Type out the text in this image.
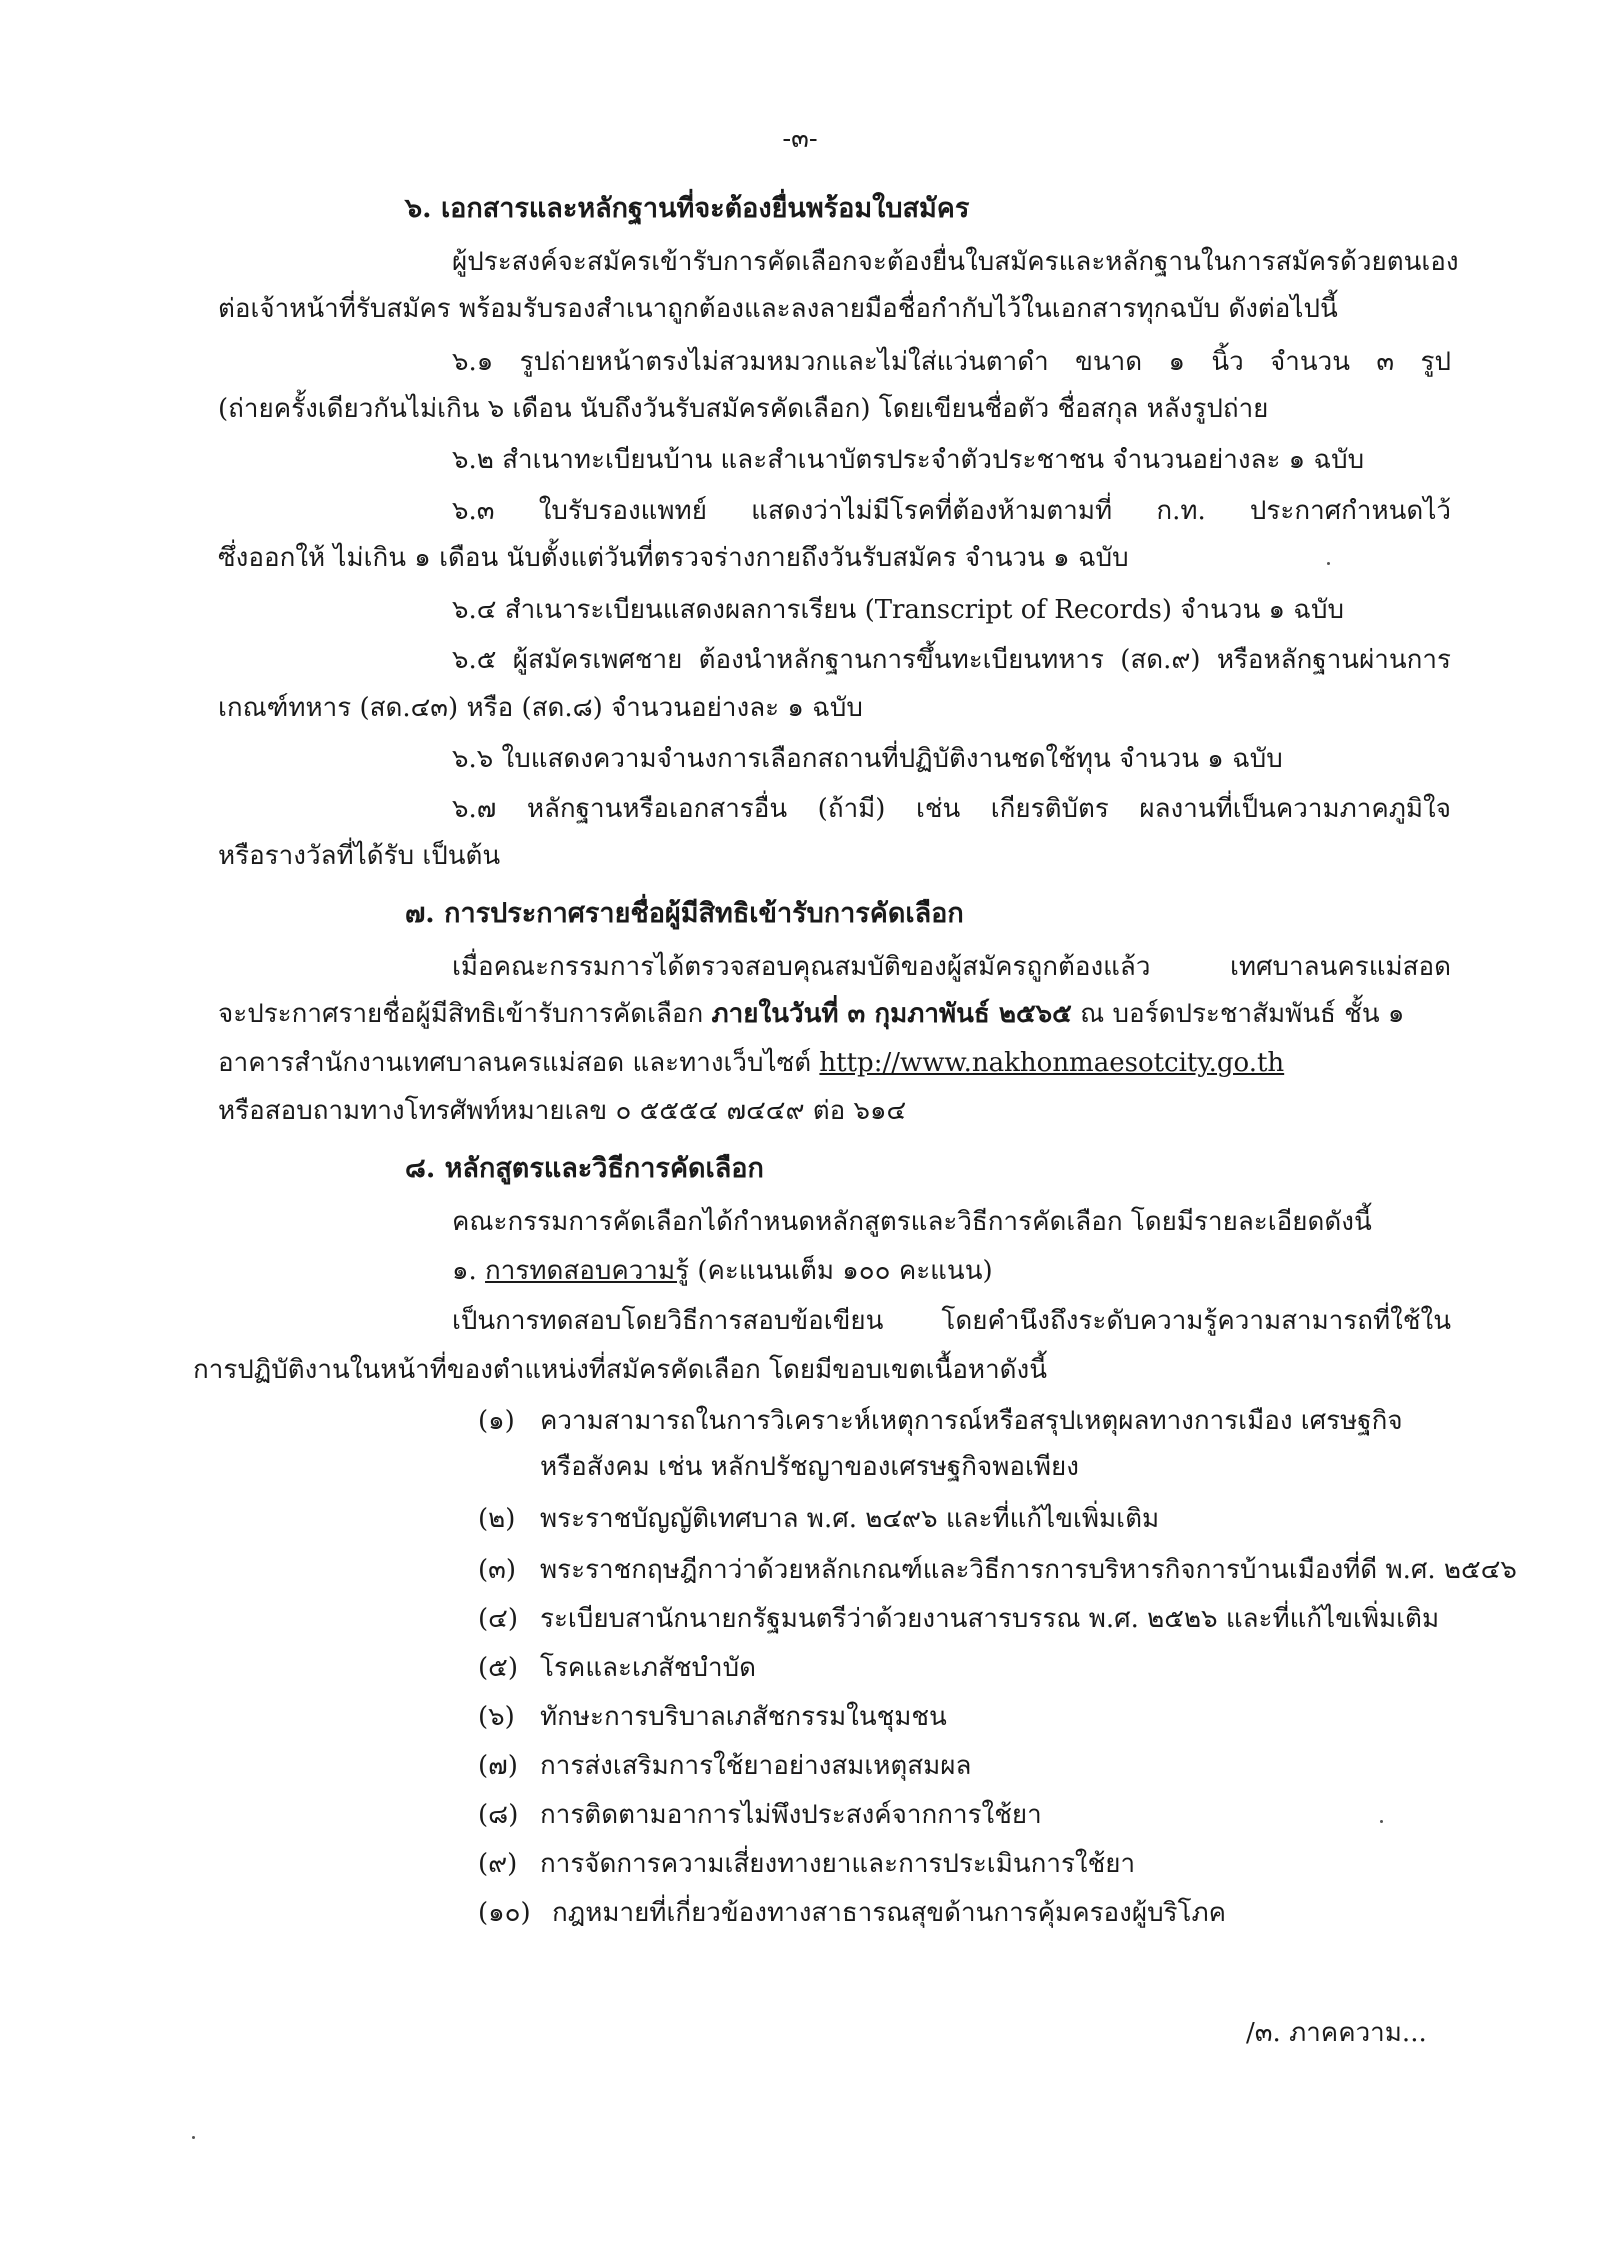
-๓-
๖. เอกสารและหลักฐานที่จะต้องยื่นพร้อมใบสมัคร
ผู้ประสงค์จะสมัครเข้ารับการคัดเลือกจะต้องยื่นใบสมัครและหลักฐานในการสมัครด้วยตนเอง
ต่อเจ้าหน้าที่รับสมัคร พร้อมรับรองสำเนาถูกต้องและลงลายมือชื่อกำกับไว้ในเอกสารทุกฉบับ ดังต่อไปนี้
๖.๑ รูปถ่ายหน้าตรงไม่สวมหมวกและไม่ใส่แว่นตาดำ ขนาด ๑ นิ้ว จำนวน ๓ รูป
(ถ่ายครั้งเดียวกันไม่เกิน ๖ เดือน นับถึงวันรับสมัครคัดเลือก) โดยเขียนชื่อตัว ชื่อสกุล หลังรูปถ่าย
๖.๒ สำเนาทะเบียนบ้าน และสำเนาบัตรประจำตัวประชาชน จำนวนอย่างละ ๑ ฉบับ
๖.๓ ใบรับรองแพทย์ แสดงว่าไม่มีโรคที่ต้องห้ามตามที่ ก.ท. ประกาศกำหนดไว้
ซึ่งออกให้ ไม่เกิน ๑ เดือน นับตั้งแต่วันที่ตรวจร่างกายถึงวันรับสมัคร จำนวน ๑ ฉบับ
๖.๔ สำเนาระเบียนแสดงผลการเรียน (Transcript of Records) จำนวน ๑ ฉบับ
๖.๕ ผู้สมัครเพศชาย ต้องนำหลักฐานการขึ้นทะเบียนทหาร (สด.๙) หรือหลักฐานผ่านการ
เกณฑ์ทหาร (สด.๔๓) หรือ (สด.๘) จำนวนอย่างละ ๑ ฉบับ
๖.๖ ใบแสดงความจำนงการเลือกสถานที่ปฏิบัติงานชดใช้ทุน จำนวน ๑ ฉบับ
๖.๗ หลักฐานหรือเอกสารอื่น (ถ้ามี) เช่น เกียรติบัตร ผลงานที่เป็นความภาคภูมิใจ
หรือรางวัลที่ได้รับ เป็นต้น
๗. การประกาศรายชื่อผู้มีสิทธิเข้ารับการคัดเลือก
เมื่อคณะกรรมการได้ตรวจสอบคุณสมบัติของผู้สมัครถูกต้องแล้ว เทศบาลนครแม่สอด
จะประกาศรายชื่อผู้มีสิทธิเข้ารับการคัดเลือก ภายในวันที่ ๓ กุมภาพันธ์ ๒๕๖๕ ณ บอร์ดประชาสัมพันธ์ ชั้น ๑
อาคารสำนักงานเทศบาลนครแม่สอด และทางเว็บไซต์ http://www.nakhonmaesotcity.go.th
หรือสอบถามทางโทรศัพท์หมายเลข ๐ ๕๕๕๔ ๗๔๔๙ ต่อ ๖๑๔
๘. หลักสูตรและวิธีการคัดเลือก
คณะกรรมการคัดเลือกได้กำหนดหลักสูตรและวิธีการคัดเลือก โดยมีรายละเอียดดังนี้
๑. การทดสอบความรู้ (คะแนนเต็ม ๑๐๐ คะแนน)
เป็นการทดสอบโดยวิธีการสอบข้อเขียน โดยคำนึงถึงระดับความรู้ความสามารถที่ใช้ใน
การปฏิบัติงานในหน้าที่ของตำแหน่งที่สมัครคัดเลือก โดยมีขอบเขตเนื้อหาดังนี้
(๑) ความสามารถในการวิเคราะห์เหตุการณ์หรือสรุปเหตุผลทางการเมือง เศรษฐกิจ
หรือสังคม เช่น หลักปรัชญาของเศรษฐกิจพอเพียง
(๒) พระราชบัญญัติเทศบาล พ.ศ. ๒๔๙๖ และที่แก้ไขเพิ่มเติม
(๓) พระราชกฤษฎีกาว่าด้วยหลักเกณฑ์และวิธีการการบริหารกิจการบ้านเมืองที่ดี พ.ศ. ๒๕๔๖
(๔) ระเบียบสานักนายกรัฐมนตรีว่าด้วยงานสารบรรณ พ.ศ. ๒๕๒๖ และที่แก้ไขเพิ่มเติม
(๕) โรคและเภสัชบำบัด
(๖) ทักษะการบริบาลเภสัชกรรมในชุมชน
(๗) การส่งเสริมการใช้ยาอย่างสมเหตุสมผล
(๘) การติดตามอาการไม่พึงประสงค์จากการใช้ยา
(๙) การจัดการความเสี่ยงทางยาและการประเมินการใช้ยา
(๑๐) กฎหมายที่เกี่ยวข้องทางสาธารณสุขด้านการคุ้มครองผู้บริโภค
/๓. ภาคความ...
